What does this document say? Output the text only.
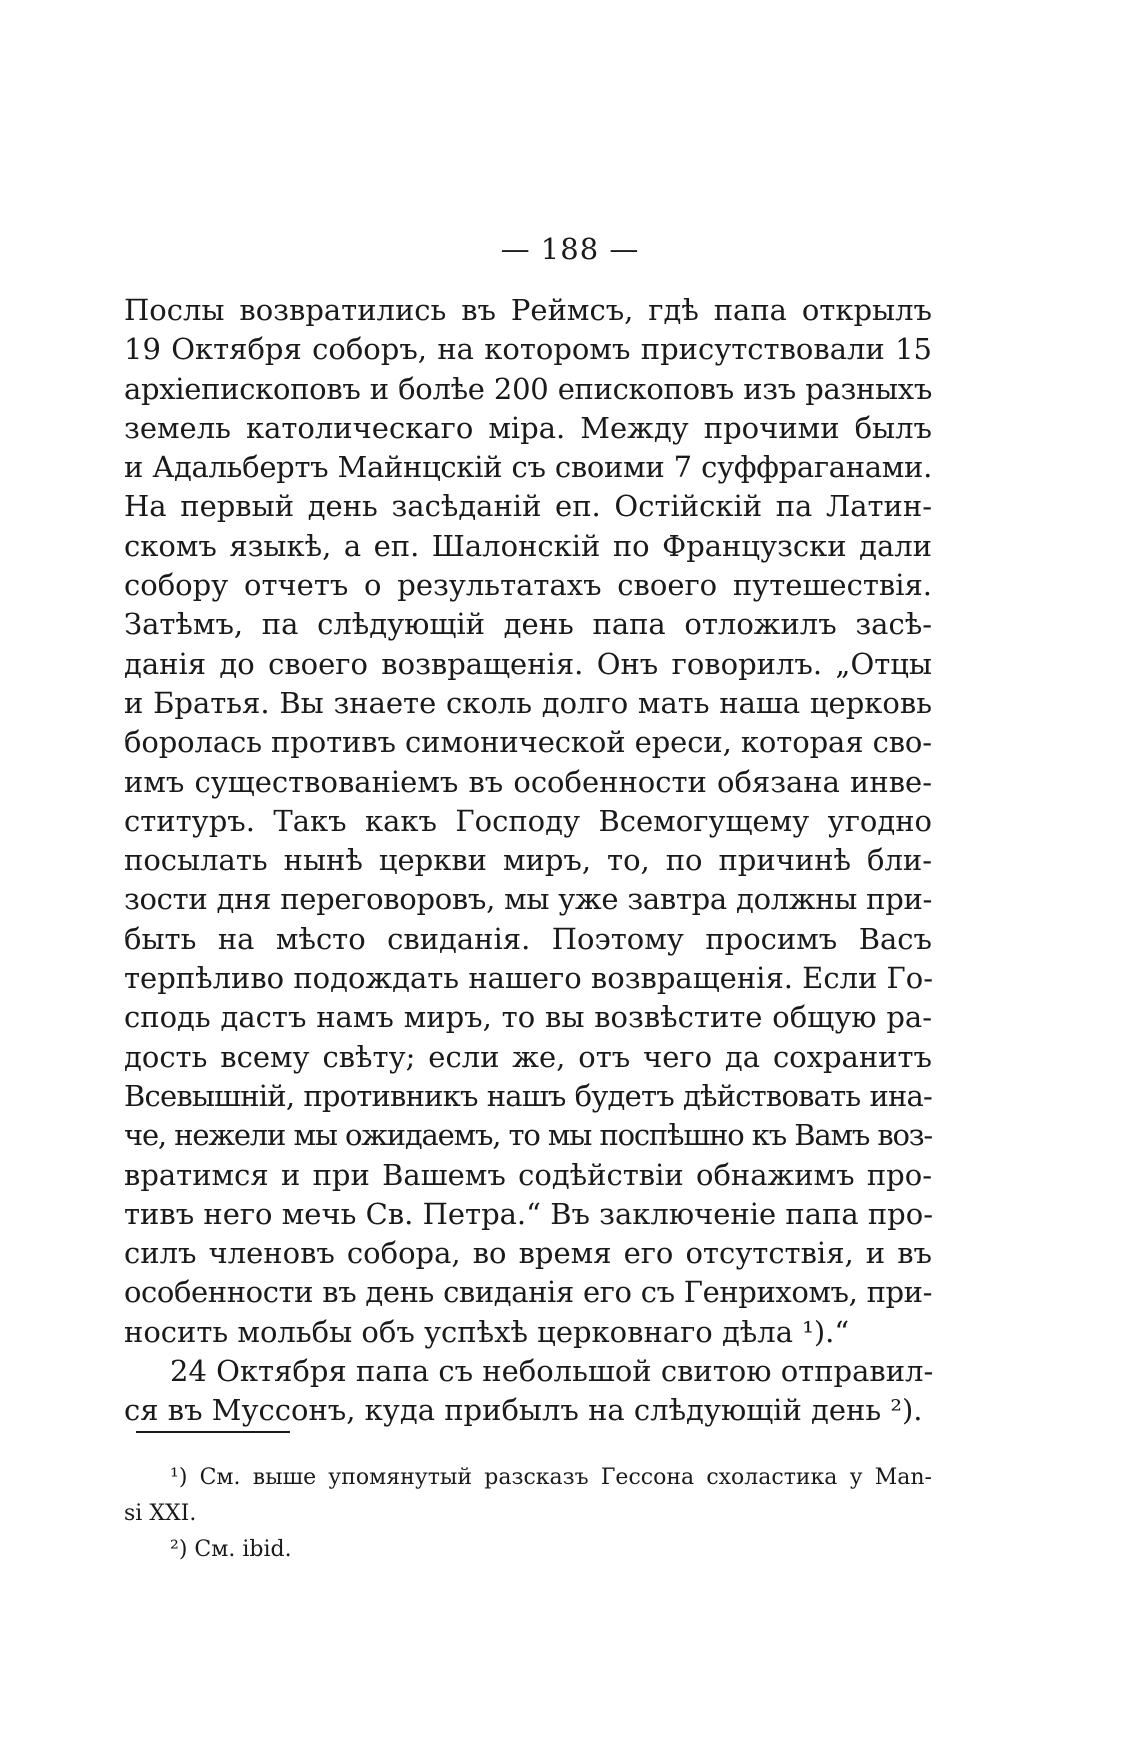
— 188 —
Послы возвратились въ Реймсъ, гдѣ папа открылъ
19 Октября соборъ, на которомъ присутствовали 15
архіепископовъ и болѣе 200 епископовъ изъ разныхъ
земель католическаго міра. Между прочими былъ
и Адальбертъ Майнцскій съ своими 7 суффраганами.
На первый день засѣданій еп. Остійскій па Латин-
скомъ языкѣ, а еп. Шалонскій по Французски дали
собору отчетъ о результатахъ своего путешествія.
Затѣмъ, па слѣдующій день папа отложилъ засѣ-
данія до своего возвращенія. Онъ говорилъ. „Отцы
и Братья. Вы знаете сколь долго мать наша церковь
боролась противъ симонической ереси, которая сво-
имъ существованіемъ въ особенности обязана инве-
ституръ. Такъ какъ Господу Всемогущему угодно
посылать нынѣ церкви миръ, то, по причинѣ бли-
зости дня переговоровъ, мы уже завтра должны при-
быть на мѣсто свиданія. Поэтому просимъ Васъ
терпѣливо подождать нашего возвращенія. Если Го-
сподь дастъ намъ миръ, то вы возвѣстите общую ра-
дость всему свѣту; если же, отъ чего да сохранитъ
Всевышній, противникъ нашъ будетъ дѣйствовать ина-
че, нежели мы ожидаемъ, то мы поспѣшно къ Вамъ воз-
вратимся и при Вашемъ содѣйствіи обнажимъ про-
тивъ него мечь Св. Петра.“ Въ заключеніе папа про-
силъ членовъ собора, во время его отсутствія, и въ
особенности въ день свиданія его съ Генрихомъ, при-
носить мольбы объ успѣхѣ церковнаго дѣла ¹).“
24 Октября папа съ небольшой свитою отправил-
ся въ Муссонъ, куда прибылъ на слѣдующій день ²).
¹) См. выше упомянутый разсказъ Гессона схоластика у Man-
si XXI.
²) См. ibid.
